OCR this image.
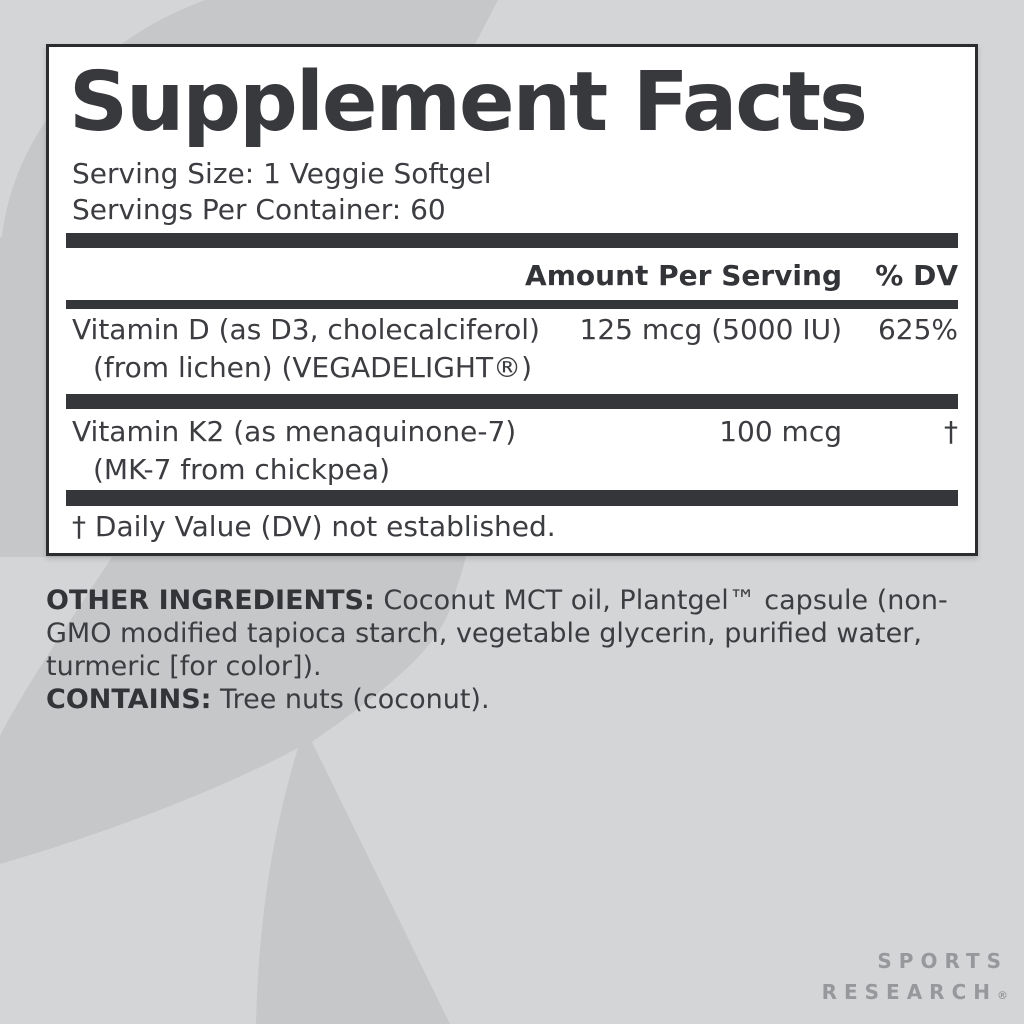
Supplement Facts
Serving Size: 1 Veggie Softgel
Servings Per Container: 60
Amount Per Serving % DV
Vitamin D (as D3, cholecalciferol) 125 mcg (5000 IU) 625%
(from lichen) (VEGADELIGHT®)
Vitamin K2 (as menaquinone-7)	100 mcg	†
(MK-7 from chickpea)
† Daily Value (DV) not established.

OTHER INGREDIENTS: Coconut MCT oil, Plantgel™ capsule (non-GMO modified tapioca starch, vegetable glycerin, purified water, turmeric [for color]).

CONTAINS: Tree nuts (coconut).

SPORTS
RESEARCH®
